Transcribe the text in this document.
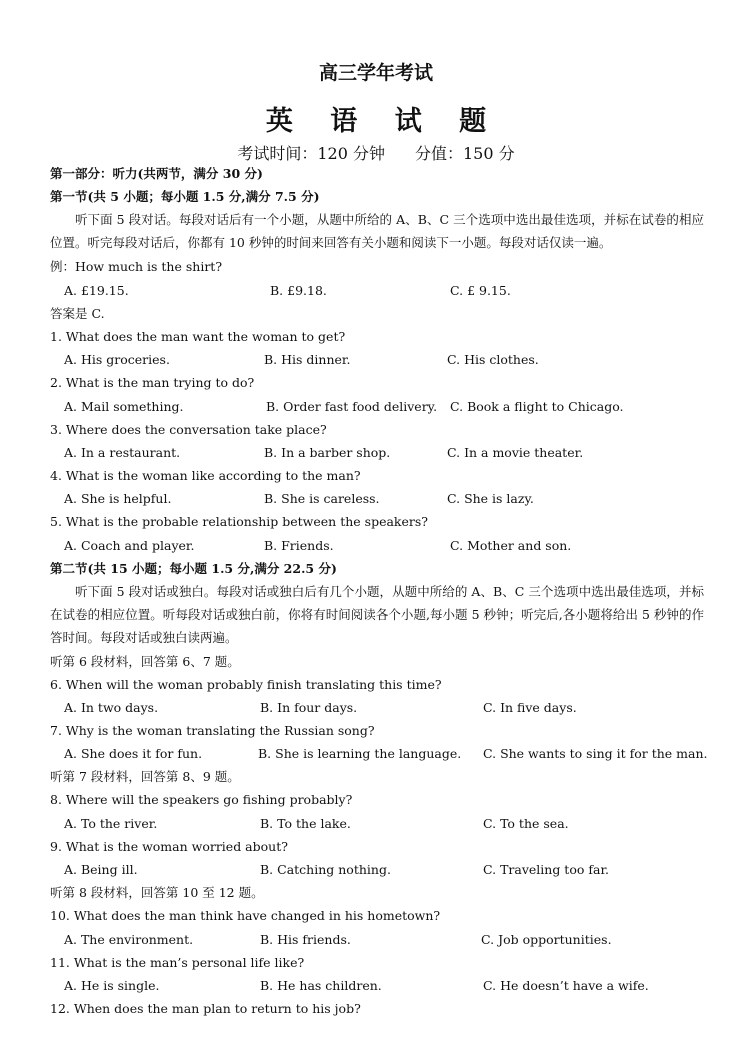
高三学年考试
英 语 试 题
考试时间：120 分钟 分值：150 分
第一部分：听力(共两节，满分 30 分)
第一节(共 5 小题；每小题 1.5 分,满分 7.5 分)
听下面 5 段对话。每段对话后有一个小题，从题中所给的 A、B、C 三个选项中选出最佳选项，并标在试卷的相应位置。听完每段对话后，你都有 10 秒钟的时间来回答有关小题和阅读下一小题。每段对话仅读一遍。
例：How much is the shirt?
A. £19.15.	B. £9.18.	C. £ 9.15.
答案是 C.
1. What does the man want the woman to get?
A. His groceries.	B. His dinner.	C. His clothes.
2. What is the man trying to do?
A. Mail something.	B. Order fast food delivery. C. Book a flight to Chicago.
3. Where does the conversation take place?
A. In a restaurant.	B. In a barber shop.	C. In a movie theater.
4. What is the woman like according to the man?
A. She is helpful.	B. She is careless.	C. She is lazy.
5. What is the probable relationship between the speakers?
A. Coach and player.	B. Friends.	C. Mother and son.
第二节(共 15 小题；每小题 1.5 分,满分 22.5 分)
听下面 5 段对话或独白。每段对话或独白后有几个小题，从题中所给的 A、B、C 三个选项中选出最佳选项，并标在试卷的相应位置。听每段对话或独白前，你将有时间阅读各个小题,每小题 5 秒钟；听完后,各小题将给出 5 秒钟的作答时间。每段对话或独白读两遍。
听第 6 段材料，回答第 6、7 题。
6. When will the woman probably finish translating this time?
A. In two days.	B. In four days.	C. In five days.
7. Why is the woman translating the Russian song?
A. She does it for fun.	B. She is learning the language. C. She wants to sing it for the man.
听第 7 段材料，回答第 8、9 题。
8. Where will the speakers go fishing probably?
A. To the river.	B. To the lake.	C. To the sea.
9. What is the woman worried about?
A. Being ill.	B. Catching nothing.	C. Traveling too far.
听第 8 段材料，回答第 10 至 12 题。
10. What does the man think have changed in his hometown?
A. The environment.	B. His friends.	C. Job opportunities.
11. What is the man’s personal life like?
A. He is single.	B. He has children.	C. He doesn’t have a wife.
12. When does the man plan to return to his job?
